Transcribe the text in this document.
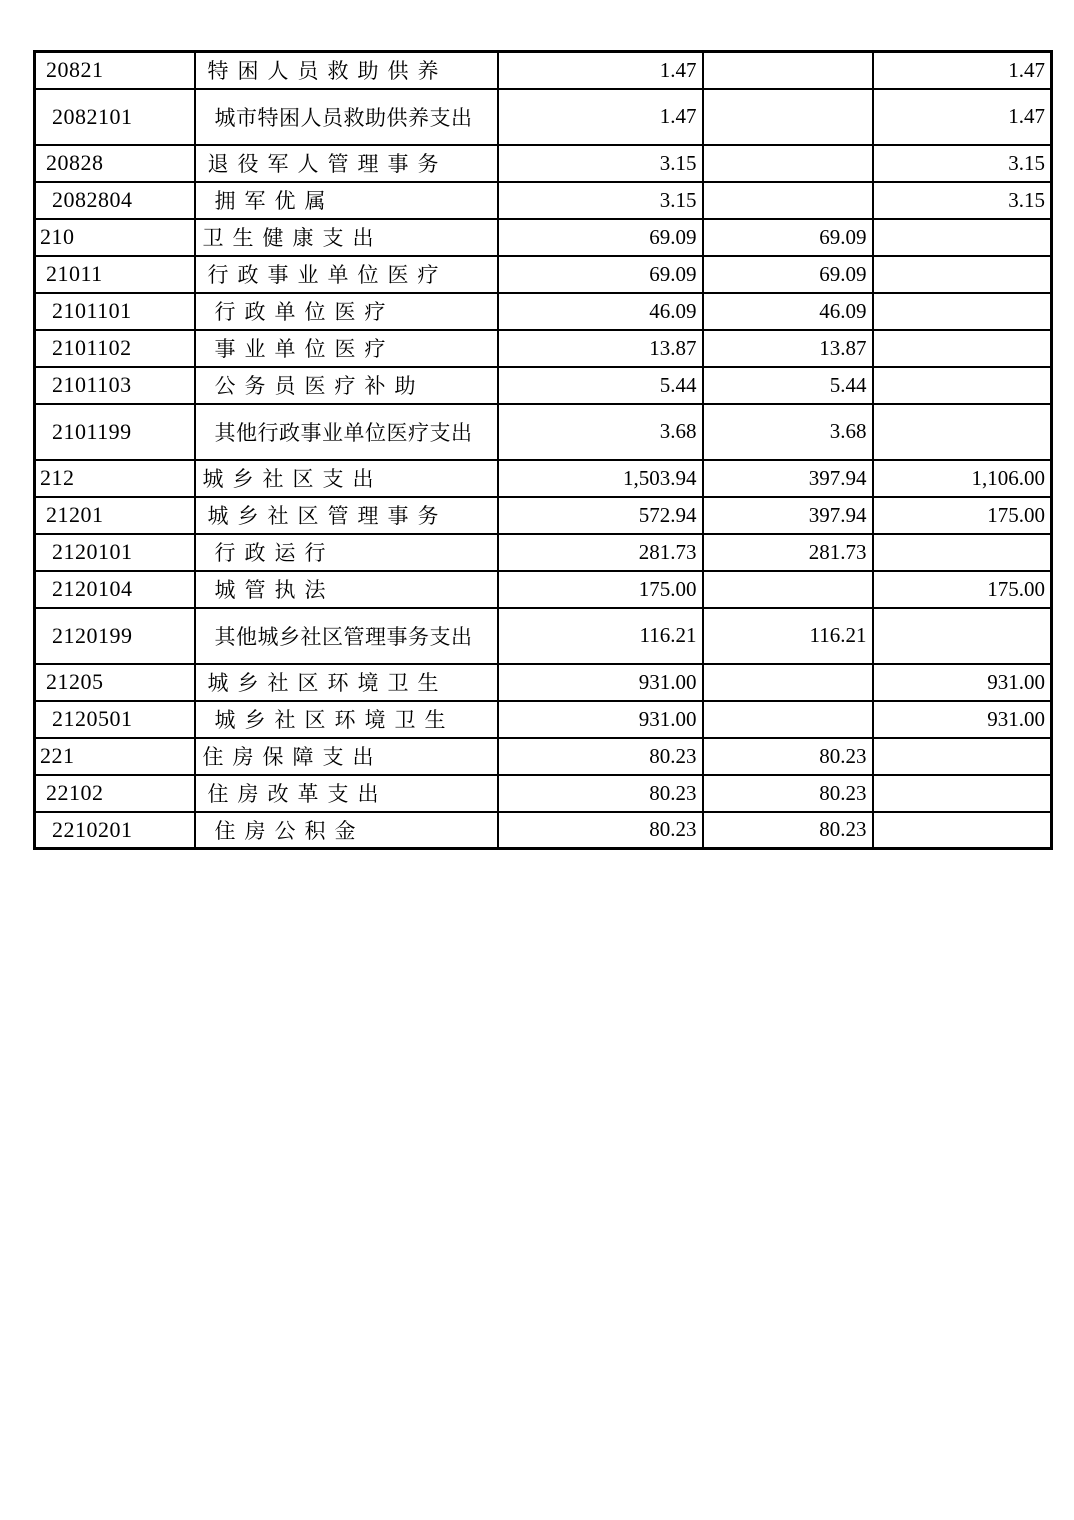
20821	特困人员救助供养	1.47		1.47
2082101	城市特困人员救助供养支出	1.47		1.47
20828	退役军人管理事务	3.15		3.15
2082804	拥军优属	3.15		3.15
210	卫生健康支出	69.09	69.09	
21011	行政事业单位医疗	69.09	69.09	
2101101	行政单位医疗	46.09	46.09	
2101102	事业单位医疗	13.87	13.87	
2101103	公务员医疗补助	5.44	5.44	
2101199	其他行政事业单位医疗支出	3.68	3.68	
212	城乡社区支出	1,503.94	397.94	1,106.00
21201	城乡社区管理事务	572.94	397.94	175.00
2120101	行政运行	281.73	281.73	
2120104	城管执法	175.00		175.00
2120199	其他城乡社区管理事务支出	116.21	116.21	
21205	城乡社区环境卫生	931.00		931.00
2120501	城乡社区环境卫生	931.00		931.00
221	住房保障支出	80.23	80.23	
22102	住房改革支出	80.23	80.23	
2210201	住房公积金	80.23	80.23	
